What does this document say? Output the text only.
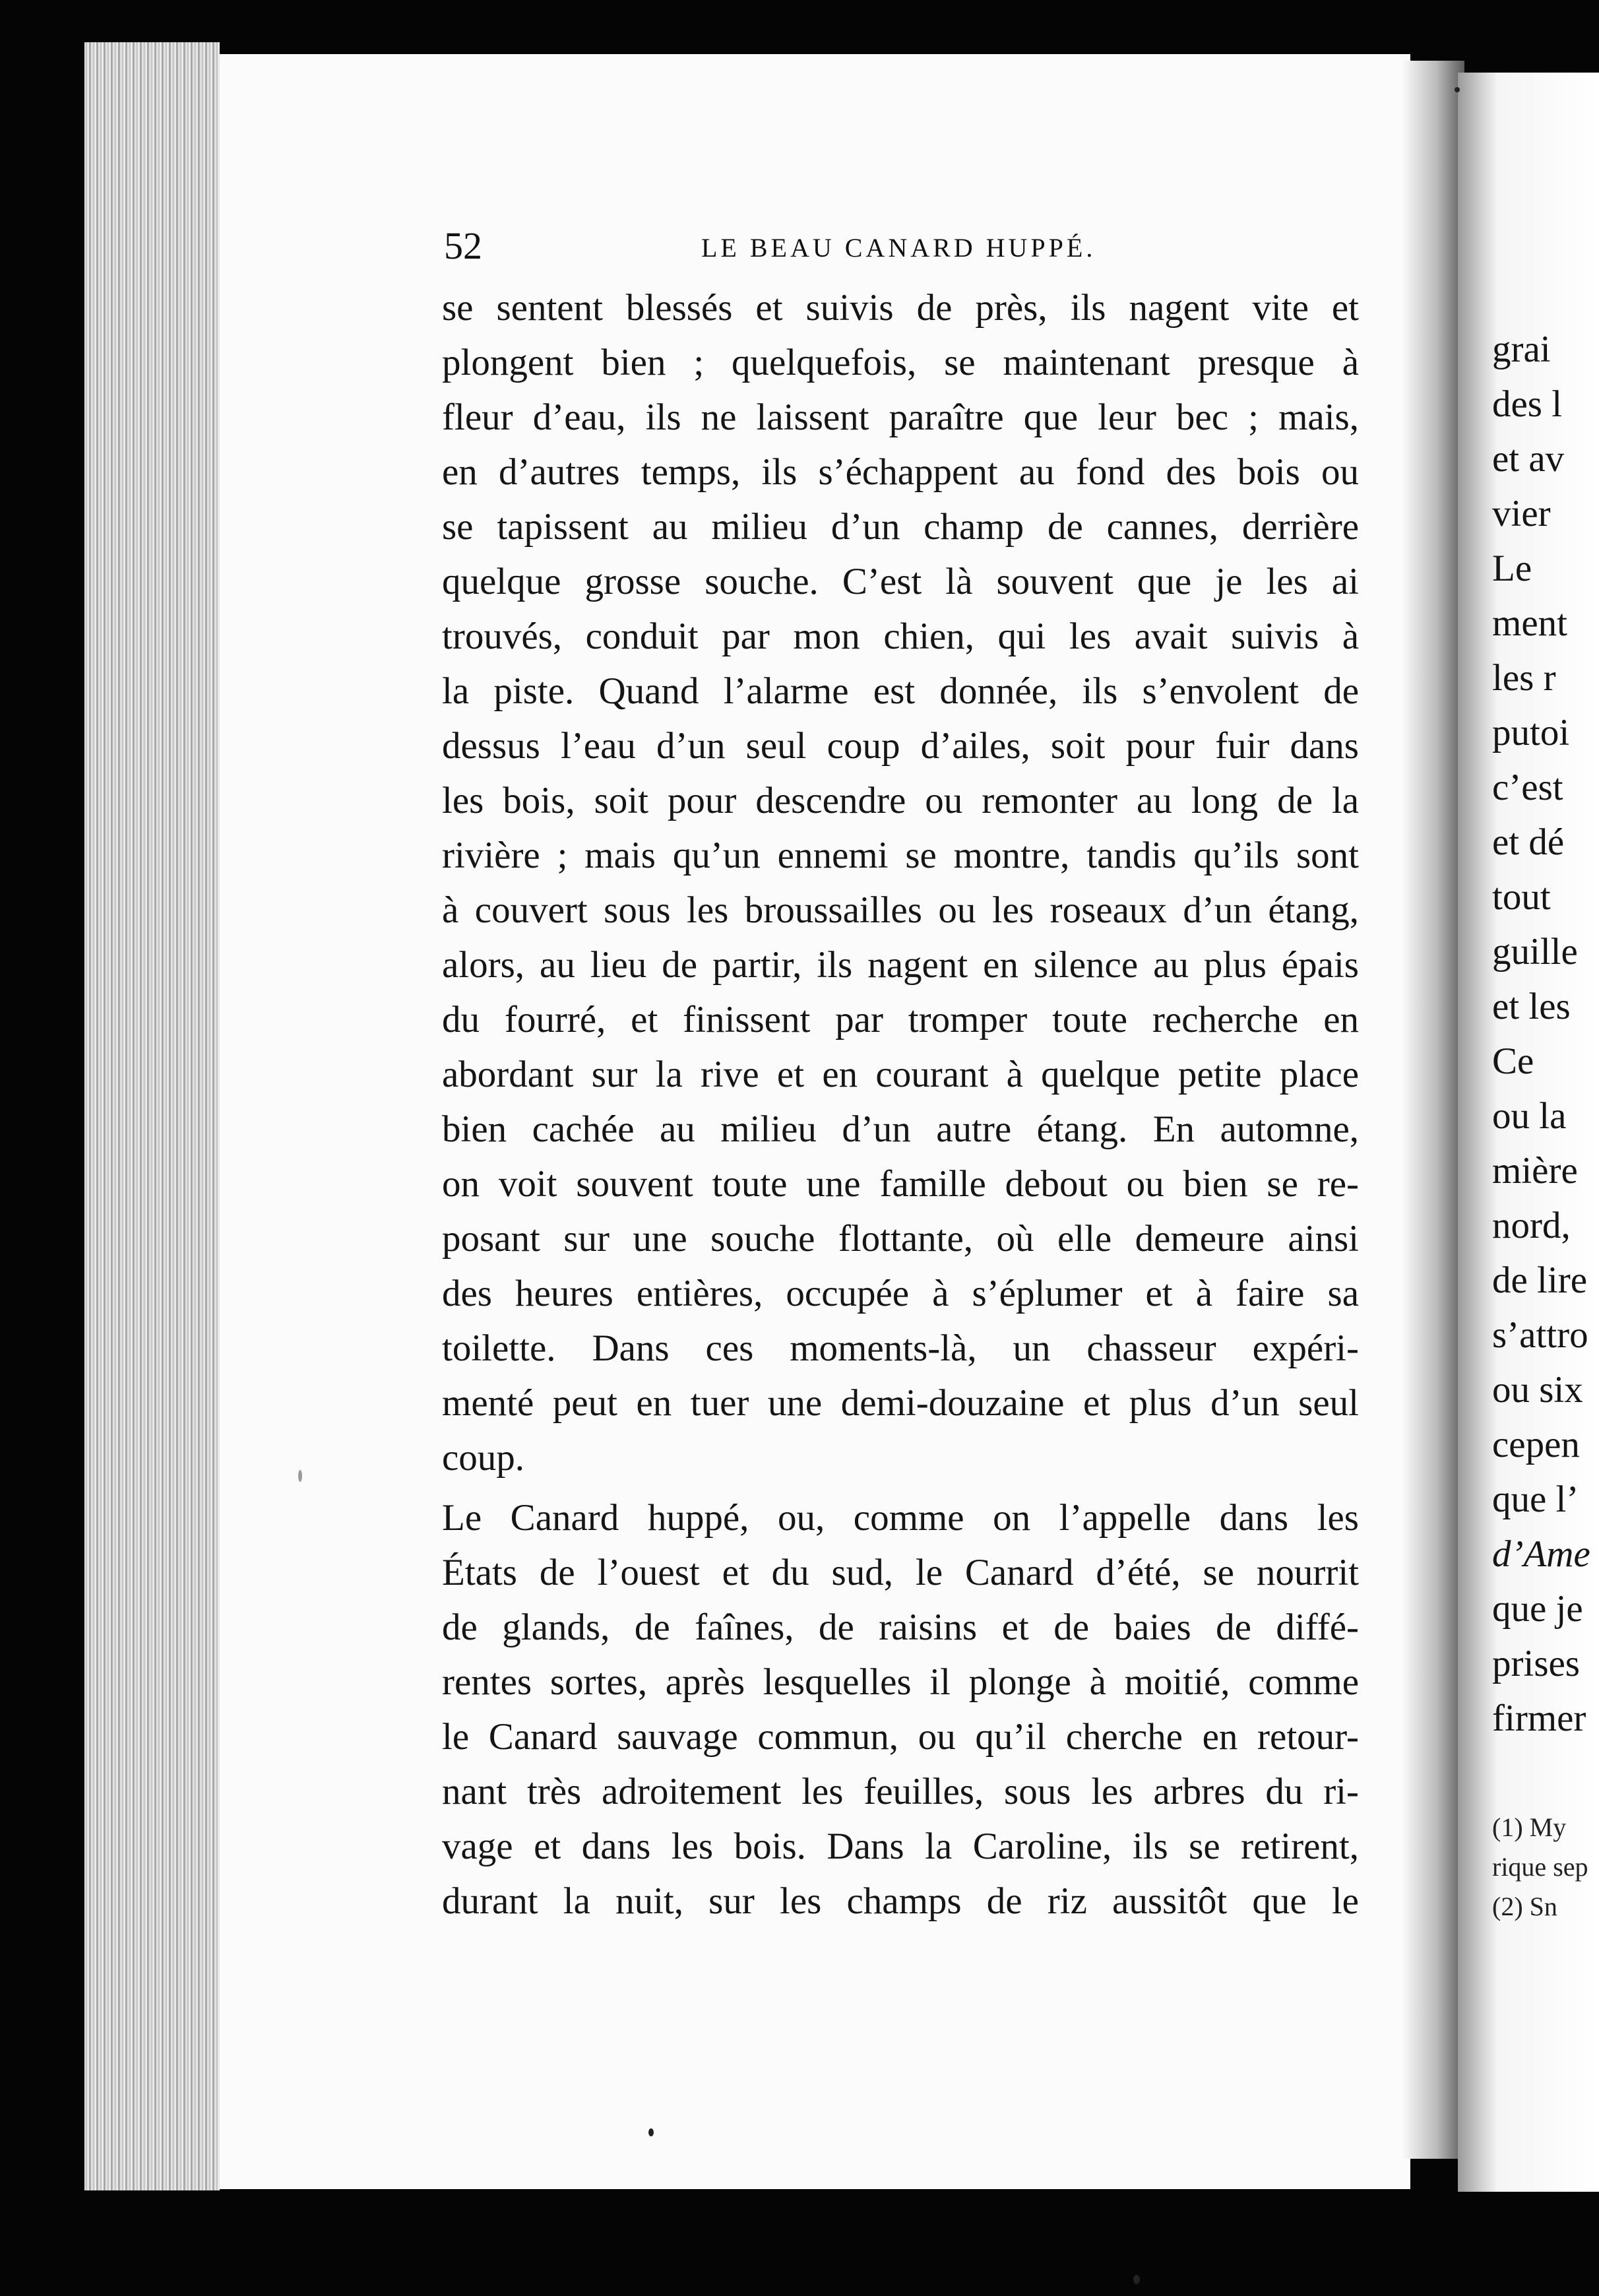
52	LE BEAU CANARD HUPPÉ.
se sentent blessés et suivis de près, ils nagent vite et
plongent bien ; quelquefois, se maintenant presque à
fleur d’eau, ils ne laissent paraître que leur bec ; mais,
en d’autres temps, ils s’échappent au fond des bois ou
se tapissent au milieu d’un champ de cannes, derrière
quelque grosse souche. C’est là souvent que je les ai
trouvés, conduit par mon chien, qui les avait suivis à
la piste. Quand l’alarme est donnée, ils s’envolent de
dessus l’eau d’un seul coup d’ailes, soit pour fuir dans
les bois, soit pour descendre ou remonter au long de la
rivière ; mais qu’un ennemi se montre, tandis qu’ils sont
à couvert sous les broussailles ou les roseaux d’un étang,
alors, au lieu de partir, ils nagent en silence au plus épais
du fourré, et finissent par tromper toute recherche en
abordant sur la rive et en courant à quelque petite place
bien cachée au milieu d’un autre étang. En automne,
on voit souvent toute une famille debout ou bien se re-
posant sur une souche flottante, où elle demeure ainsi
des heures entières, occupée à s’éplumer et à faire sa
toilette. Dans ces moments-là, un chasseur expéri-
menté peut en tuer une demi-douzaine et plus d’un seul
coup.
Le Canard huppé, ou, comme on l’appelle dans les
États de l’ouest et du sud, le Canard d’été, se nourrit
de glands, de faînes, de raisins et de baies de diffé-
rentes sortes, après lesquelles il plonge à moitié, comme
le Canard sauvage commun, ou qu’il cherche en retour-
nant très adroitement les feuilles, sous les arbres du ri-
vage et dans les bois. Dans la Caroline, ils se retirent,
durant la nuit, sur les champs de riz aussitôt que le
grai
des l
et av
vier
Le
ment
les r
putoi
c’est
et dé
tout
guille
et les
Ce
ou la
mière
nord,
de lire
s’attro
ou six
cepen
que l’
d’Ame
que je
prises
firmer
(1) My
rique sep
(2) Sn
